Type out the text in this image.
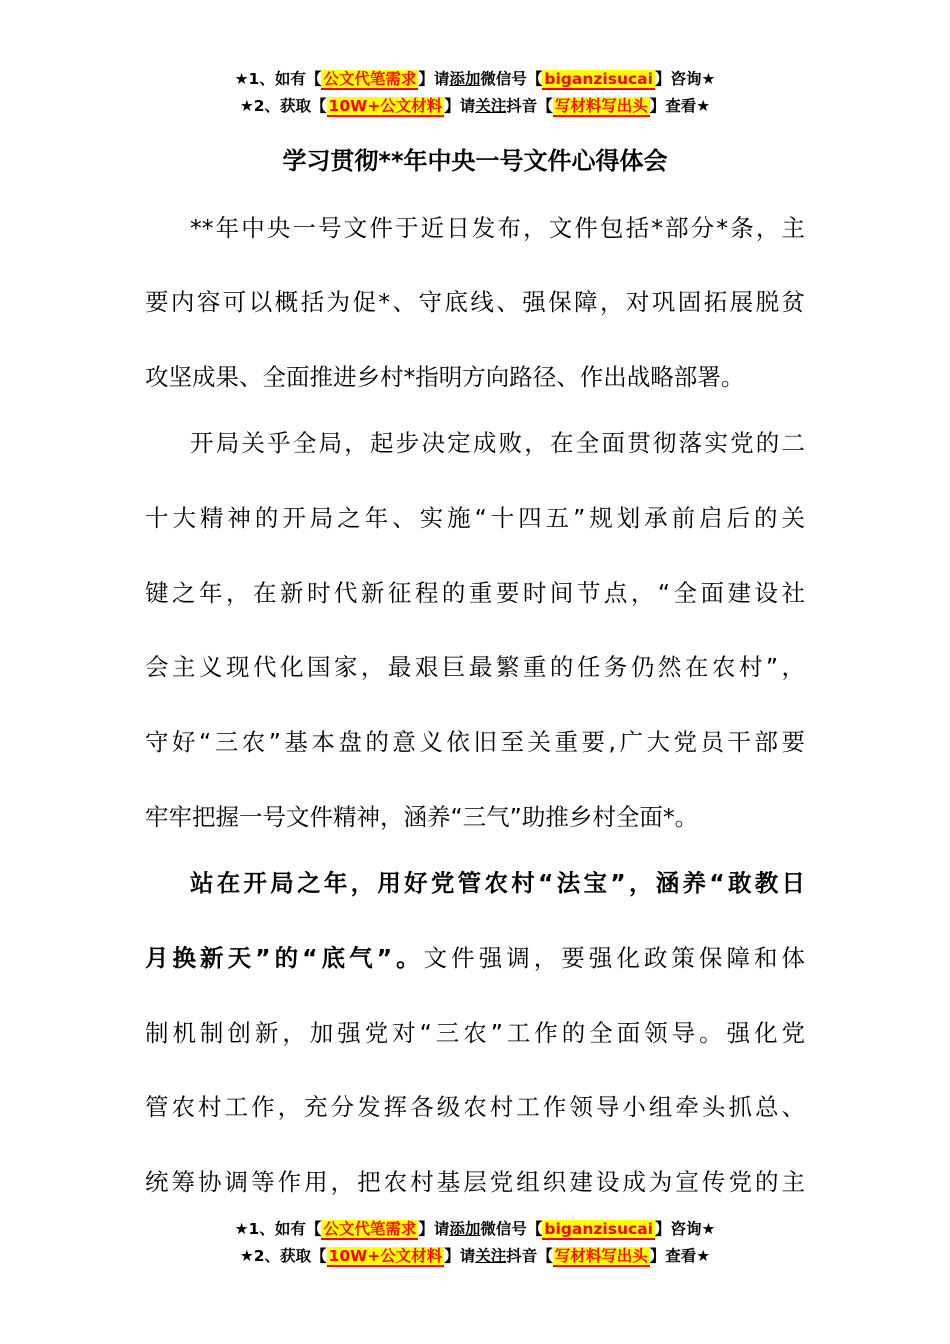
★1、如有【 公文代笔需求 】请添加微信号【 biganzisucai 】咨询★
★2、获取【 10W+公文材料 】请关注抖音【 写材料写出头 】查看★
学习贯彻**年中央一号文件心得体会
**年中央一号文件于近日发布，文件包括*部分*条，主
要内容可以概括为促*、守底线、强保障，对巩固拓展脱贫
攻坚成果、全面推进乡村*指明方向路径、作出战略部署。
开局关乎全局，起步决定成败，在全面贯彻落实党的二
十大精神的开局之年、实施“十四五”规划承前启后的关
键之年，在新时代新征程的重要时间节点，“全面建设社
会主义现代化国家，最艰巨最繁重的任务仍然在农村”，
守好“三农”基本盘的意义依旧至关重要,广大党员干部要
牢牢把握一号文件精神，涵养“三气”助推乡村全面*。
站在开局之年，用好党管农村“法宝”，涵养“敢教日
月换新天”的“底气”。文件强调，要强化政策保障和体
制机制创新，加强党对“三农”工作的全面领导。强化党
管农村工作，充分发挥各级农村工作领导小组牵头抓总、
统筹协调等作用，把农村基层党组织建设成为宣传党的主
★1、如有【 公文代笔需求 】请添加微信号【 biganzisucai 】咨询★
★2、获取【 10W+公文材料 】请关注抖音【 写材料写出头 】查看★
